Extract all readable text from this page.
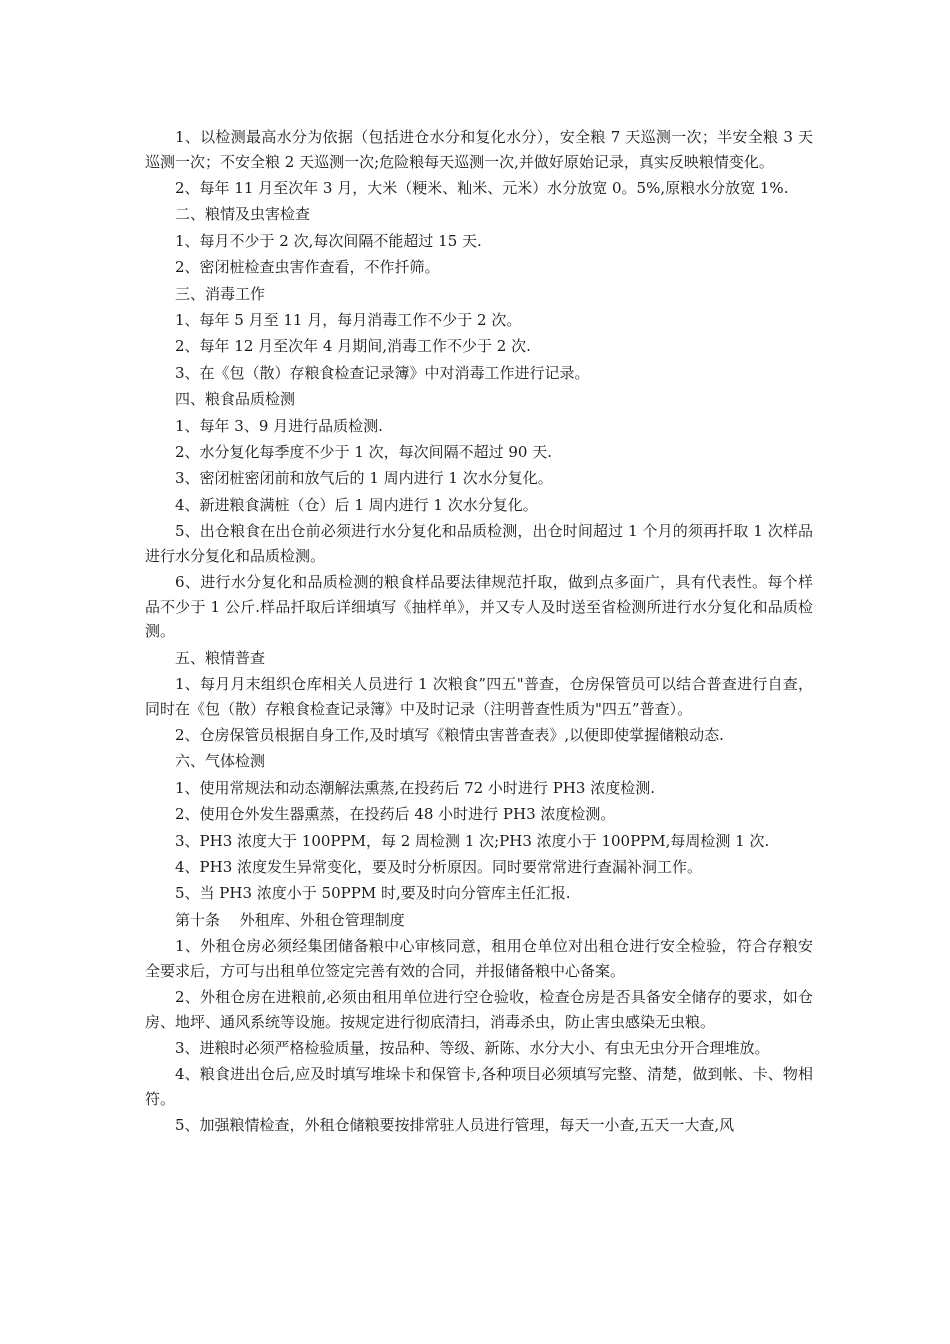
1、以检测最高水分为依据（包括进仓水分和复化水分），安全粮 7 天巡测一次；半安全粮 3 天巡测一次；不安全粮 2 天巡测一次;危险粮每天巡测一次,并做好原始记录，真实反映粮情变化。

2、每年 11 月至次年 3 月，大米（粳米、籼米、元米）水分放宽 0。5%,原粮水分放宽 1%.

二、粮情及虫害检查

1、每月不少于 2 次,每次间隔不能超过 15 天.

2、密闭桩检查虫害作查看，不作扦筛。

三、消毒工作

1、每年 5 月至 11 月，每月消毒工作不少于 2 次。

2、每年 12 月至次年 4 月期间,消毒工作不少于 2 次.

3、在《包（散）存粮食检查记录簿》中对消毒工作进行记录。

四、粮食品质检测

1、每年 3、9 月进行品质检测.

2、水分复化每季度不少于 1 次，每次间隔不超过 90 天.

3、密闭桩密闭前和放气后的 1 周内进行 1 次水分复化。

4、新进粮食满桩（仓）后 1 周内进行 1 次水分复化。

5、出仓粮食在出仓前必须进行水分复化和品质检测，出仓时间超过 1 个月的须再扦取 1 次样品进行水分复化和品质检测。

6、进行水分复化和品质检测的粮食样品要法律规范扦取，做到点多面广，具有代表性。每个样品不少于 1 公斤.样品扦取后详细填写《抽样单》，并又专人及时送至省检测所进行水分复化和品质检测。

五、粮情普查

1、每月月末组织仓库相关人员进行 1 次粮食”四五"普查，仓房保管员可以结合普查进行自查，同时在《包（散）存粮食检查记录簿》中及时记录（注明普查性质为"四五”普查）。

2、仓房保管员根据自身工作,及时填写《粮情虫害普查表》,以便即使掌握储粮动态.

六、气体检测

1、使用常规法和动态潮解法熏蒸,在投药后 72 小时进行 PH3 浓度检测.

2、使用仓外发生器熏蒸，在投药后 48 小时进行 PH3 浓度检测。

3、PH3 浓度大于 100PPM，每 2 周检测 1 次;PH3 浓度小于 100PPM,每周检测 1 次.

4、PH3 浓度发生异常变化，要及时分析原因。同时要常常进行查漏补洞工作。

5、当 PH3 浓度小于 50PPM 时,要及时向分管库主任汇报.

第十条　 外租库、外租仓管理制度

1、外租仓房必须经集团储备粮中心审核同意，租用仓单位对出租仓进行安全检验，符合存粮安全要求后，方可与出租单位签定完善有效的合同，并报储备粮中心备案。

2、外租仓房在进粮前,必须由租用单位进行空仓验收，检查仓房是否具备安全储存的要求，如仓房、地坪、通风系统等设施。按规定进行彻底清扫，消毒杀虫，防止害虫感染无虫粮。

3、进粮时必须严格检验质量，按品种、等级、新陈、水分大小、有虫无虫分开合理堆放。

4、粮食进出仓后,应及时填写堆垛卡和保管卡,各种项目必须填写完整、清楚，做到帐、卡、物相符。

5、加强粮情检查，外租仓储粮要按排常驻人员进行管理，每天一小查,五天一大查,风
